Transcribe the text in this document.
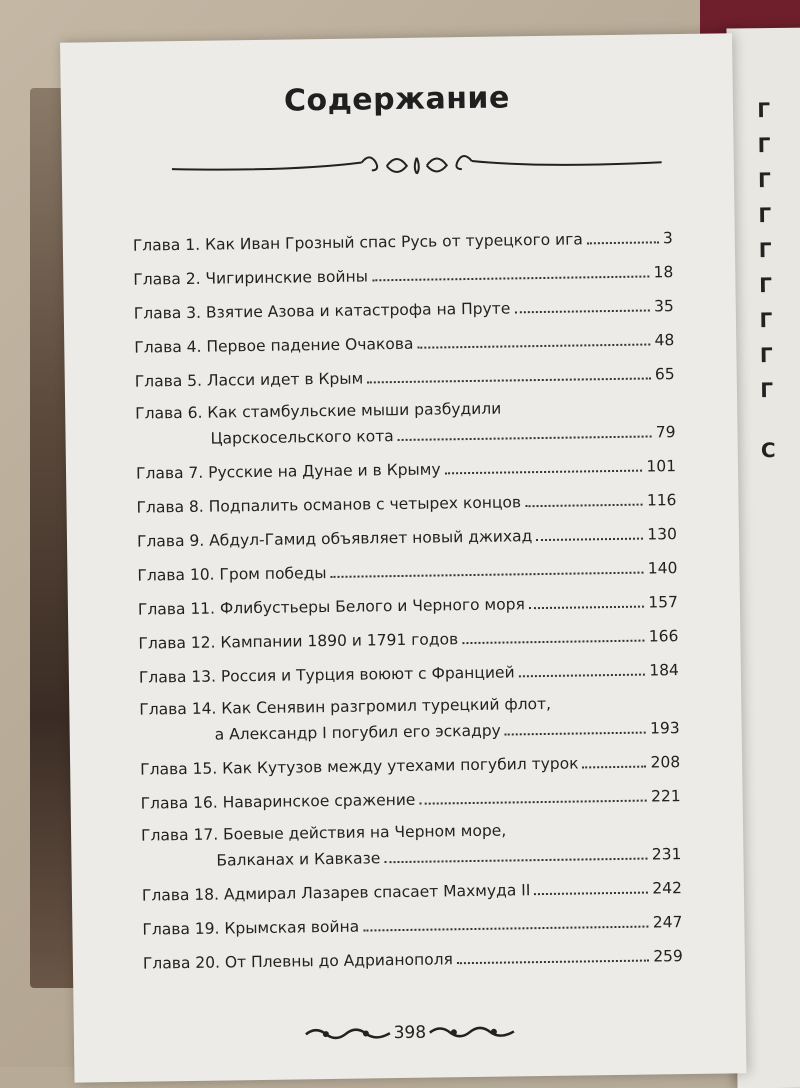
Г
Г
Г
Г
Г
Г
Г
Г
Г
С
Содержание
Глава 1. Как Иван Грозный спас Русь от турецкого ига	3
Глава 2. Чигиринские войны	18
Глава 3. Взятие Азова и катастрофа на Пруте	35
Глава 4. Первое падение Очакова	48
Глава 5. Ласси идет в Крым	65
Глава 6. Как стамбульские мыши разбудили
Царскосельского кота	79
Глава 7. Русские на Дунае и в Крыму	101
Глава 8. Подпалить османов с четырех концов	116
Глава 9. Абдул-Гамид объявляет новый джихад	130
Глава 10. Гром победы	140
Глава 11. Флибустьеры Белого и Черного моря	157
Глава 12. Кампании 1890 и 1791 годов	166
Глава 13. Россия и Турция воюют с Францией	184
Глава 14. Как Сенявин разгромил турецкий флот,
а Александр I погубил его эскадру	193
Глава 15. Как Кутузов между утехами погубил турок	208
Глава 16. Наваринское сражение	221
Глава 17. Боевые действия на Черном море,
Балканах и Кавказе	231
Глава 18. Адмирал Лазарев спасает Махмуда II	242
Глава 19. Крымская война	247
Глава 20. От Плевны до Адрианополя	259
398
